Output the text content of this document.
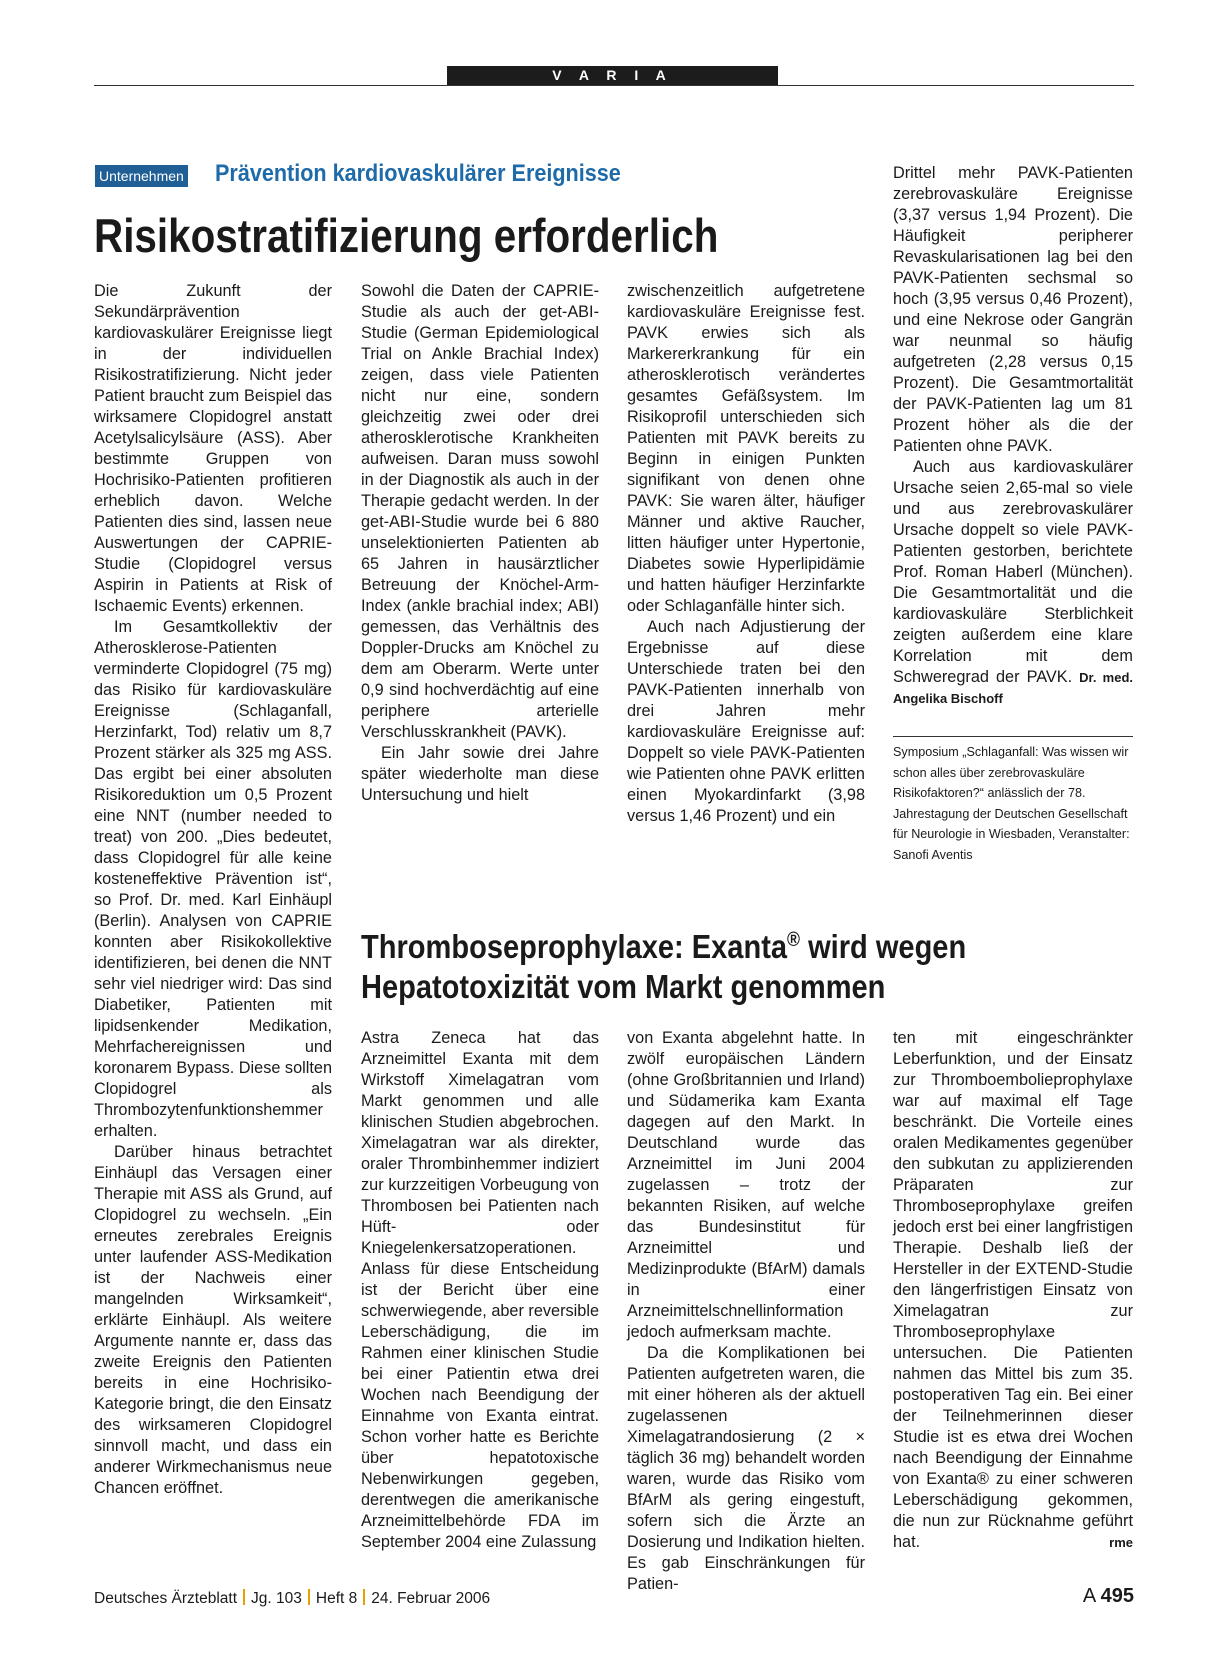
V A R I A
Unternehmen Prävention kardiovaskulärer Ereignisse
Risikostratifizierung erforderlich

Die Zukunft der Sekundärprävention kardiovaskulärer Ereignisse liegt in der individuellen Risikostratifizierung. Nicht jeder Patient braucht zum Beispiel das wirksamere Clopidogrel anstatt Acetylsalicylsäure (ASS). Aber bestimmte Gruppen von Hochrisiko-Patienten profitieren erheblich davon. Welche Patienten dies sind, lassen neue Auswertungen der CAPRIE-Studie (Clopidogrel versus Aspirin in Patients at Risk of Ischaemic Events) erkennen.

Im Gesamtkollektiv der Atherosklerose-Patienten verminderte Clopidogrel (75 mg) das Risiko für kardiovaskuläre Ereignisse (Schlaganfall, Herzinfarkt, Tod) relativ um 8,7 Prozent stärker als 325 mg ASS. Das ergibt bei einer absoluten Risikoreduktion um 0,5 Prozent eine NNT (number needed to treat) von 200. „Dies bedeutet, dass Clopidogrel für alle keine kosteneffektive Prävention ist“, so Prof. Dr. med. Karl Einhäupl (Berlin). Analysen von CAPRIE konnten aber Risikokollektive identifizieren, bei denen die NNT sehr viel niedriger wird: Das sind Diabetiker, Patienten mit lipidsenkender Medikation, Mehrfachereignissen und koronarem Bypass. Diese sollten Clopidogrel als Thrombozytenfunktionshemmer erhalten.

Darüber hinaus betrachtet Einhäupl das Versagen einer Therapie mit ASS als Grund, auf Clopidogrel zu wechseln. „Ein erneutes zerebrales Ereignis unter laufender ASS-Medikation ist der Nachweis einer mangelnden Wirksamkeit“, erklärte Einhäupl. Als weitere Argumente nannte er, dass das zweite Ereignis den Patienten bereits in eine Hochrisiko-Kategorie bringt, die den Einsatz des wirksameren Clopidogrel sinnvoll macht, und dass ein anderer Wirkmechanismus neue Chancen eröffnet.

Sowohl die Daten der CAPRIE-Studie als auch der get-ABI-Studie (German Epidemiological Trial on Ankle Brachial Index) zeigen, dass viele Patienten nicht nur eine, sondern gleichzeitig zwei oder drei atherosklerotische Krankheiten aufweisen. Daran muss sowohl in der Diagnostik als auch in der Therapie gedacht werden. In der get-ABI-Studie wurde bei 6 880 unselektionierten Patienten ab 65 Jahren in hausärztlicher Betreuung der Knöchel-Arm-Index (ankle brachial index; ABI) gemessen, das Verhältnis des Doppler-Drucks am Knöchel zu dem am Oberarm. Werte unter 0,9 sind hochverdächtig auf eine periphere arterielle Verschlusskrankheit (PAVK).

Ein Jahr sowie drei Jahre später wiederholte man diese Untersuchung und hielt

zwischenzeitlich aufgetretene kardiovaskuläre Ereignisse fest. PAVK erwies sich als Markererkrankung für ein atherosklerotisch verändertes gesamtes Gefäßsystem. Im Risikoprofil unterschieden sich Patienten mit PAVK bereits zu Beginn in einigen Punkten signifikant von denen ohne PAVK: Sie waren älter, häufiger Männer und aktive Raucher, litten häufiger unter Hypertonie, Diabetes sowie Hyperlipidämie und hatten häufiger Herzinfarkte oder Schlaganfälle hinter sich.

Auch nach Adjustierung der Ergebnisse auf diese Unterschiede traten bei den PAVK-Patienten innerhalb von drei Jahren mehr kardiovaskuläre Ereignisse auf: Doppelt so viele PAVK-Patienten wie Patienten ohne PAVK erlitten einen Myokardinfarkt (3,98 versus 1,46 Prozent) und ein

Drittel mehr PAVK-Patienten zerebrovaskuläre Ereignisse (3,37 versus 1,94 Prozent). Die Häufigkeit peripherer Revaskularisationen lag bei den PAVK-Patienten sechsmal so hoch (3,95 versus 0,46 Prozent), und eine Nekrose oder Gangrän war neunmal so häufig aufgetreten (2,28 versus 0,15 Prozent). Die Gesamtmortalität der PAVK-Patienten lag um 81 Prozent höher als die der Patienten ohne PAVK.

Auch aus kardiovaskulärer Ursache seien 2,65-mal so viele und aus zerebrovaskulärer Ursache doppelt so viele PAVK-Patienten gestorben, berichtete Prof. Roman Haberl (München). Die Gesamtmortalität und die kardiovaskuläre Sterblichkeit zeigten außerdem eine klare Korrelation mit dem Schweregrad der PAVK. Dr. med. Angelika Bischoff

Symposium „Schlaganfall: Was wissen wir schon alles über zerebrovaskuläre Risikofaktoren?“ anlässlich der 78. Jahrestagung der Deutschen Gesellschaft für Neurologie in Wiesbaden, Veranstalter: Sanofi Aventis
Thromboseprophylaxe: Exanta® wird wegen
Hepatotoxizität vom Markt genommen

Astra Zeneca hat das Arzneimittel Exanta mit dem Wirkstoff Ximelagatran vom Markt genommen und alle klinischen Studien abgebrochen. Ximelagatran war als direkter, oraler Thrombinhemmer indiziert zur kurzzeitigen Vorbeugung von Thrombosen bei Patienten nach Hüft- oder Kniegelenkersatzoperationen. Anlass für diese Entscheidung ist der Bericht über eine schwerwiegende, aber reversible Leberschädigung, die im Rahmen einer klinischen Studie bei einer Patientin etwa drei Wochen nach Beendigung der Einnahme von Exanta eintrat. Schon vorher hatte es Berichte über hepatotoxische Nebenwirkungen gegeben, derentwegen die amerikanische Arzneimittelbehörde FDA im September 2004 eine Zulassung

von Exanta abgelehnt hatte. In zwölf europäischen Ländern (ohne Großbritannien und Irland) und Südamerika kam Exanta dagegen auf den Markt. In Deutschland wurde das Arzneimittel im Juni 2004 zugelassen – trotz der bekannten Risiken, auf welche das Bundesinstitut für Arzneimittel und Medizinprodukte (BfArM) damals in einer Arzneimittelschnellinformation jedoch aufmerksam machte.

Da die Komplikationen bei Patienten aufgetreten waren, die mit einer höheren als der aktuell zugelassenen Ximelagatrandosierung (2 × täglich 36 mg) behandelt worden waren, wurde das Risiko vom BfArM als gering eingestuft, sofern sich die Ärzte an Dosierung und Indikation hielten. Es gab Einschränkungen für Patien-

ten mit eingeschränkter Leberfunktion, und der Einsatz zur Thromboembolieprophylaxe war auf maximal elf Tage beschränkt. Die Vorteile eines oralen Medikamentes gegenüber den subkutan zu applizierenden Präparaten zur Thromboseprophylaxe greifen jedoch erst bei einer langfristigen Therapie. Deshalb ließ der Hersteller in der EXTEND-Studie den längerfristigen Einsatz von Ximelagatran zur Thromboseprophylaxe untersuchen. Die Patienten nahmen das Mittel bis zum 35. postoperativen Tag ein. Bei einer der Teilnehmerinnen dieser Studie ist es etwa drei Wochen nach Beendigung der Einnahme von Exanta® zu einer schweren Leberschädigung gekommen, die nun zur Rücknahme geführt hat.	rme

Deutsches Ärzteblatt Jg. 103 Heft 8 24. Februar 2006	A 495
